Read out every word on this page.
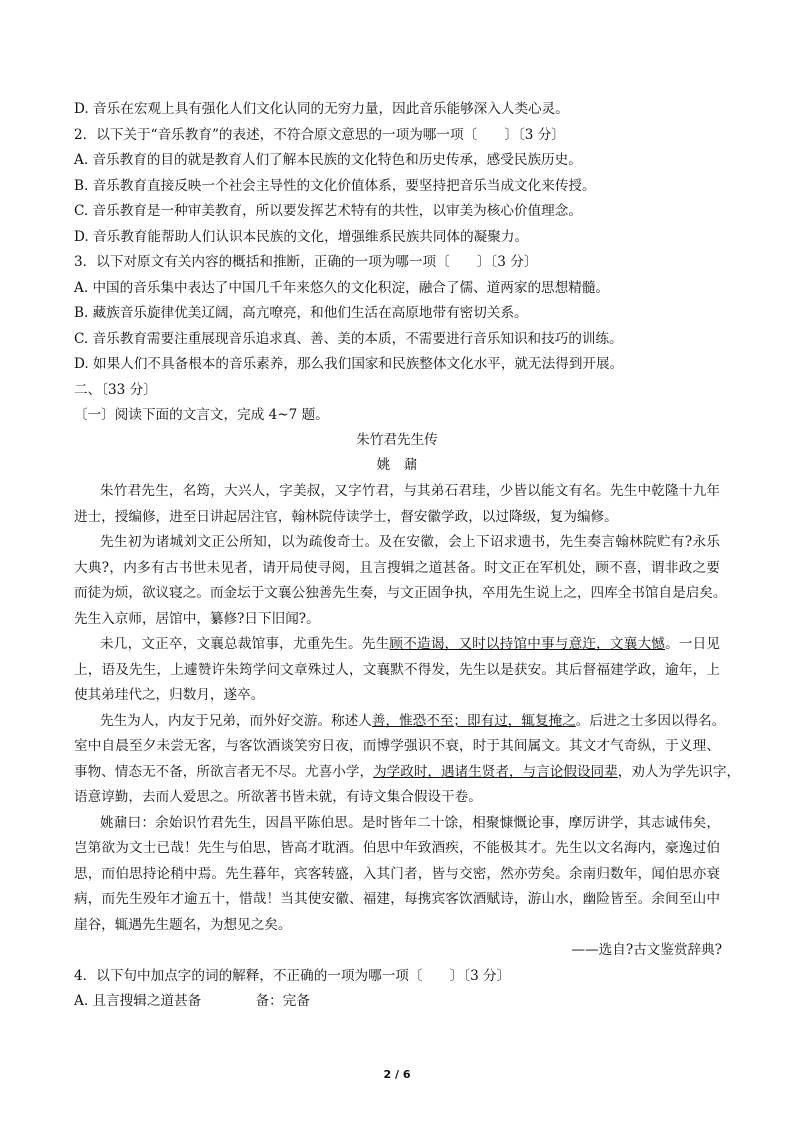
D. 音乐在宏观上具有强化人们文化认同的无穷力量，因此音乐能够深入人类心灵。
2．以下关于“音乐教育”的表述，不符合原文意思的一项为哪一项〔　　〕〔3 分〕
A. 音乐教育的目的就是教育人们了解本民族的文化特色和历史传承，感受民族历史。
B. 音乐教育直接反映一个社会主导性的文化价值体系，要坚持把音乐当成文化来传授。
C. 音乐教育是一种审美教育，所以要发挥艺术特有的共性，以审美为核心价值理念。
D. 音乐教育能帮助人们认识本民族的文化，增强维系民族共同体的凝聚力。
3．以下对原文有关内容的概括和推断，正确的一项为哪一项〔　　〕〔3 分〕
A. 中国的音乐集中表达了中国几千年来悠久的文化积淀，融合了儒、道两家的思想精髓。
B. 藏族音乐旋律优美辽阔，高亢嘹亮，和他们生活在高原地带有密切关系。
C. 音乐教育需要注重展现音乐追求真、善、美的本质，不需要进行音乐知识和技巧的训练。
D. 如果人们不具备根本的音乐素养，那么我们国家和民族整体文化水平，就无法得到开展。
二、〔33 分〕
〔一〕阅读下面的文言文，完成 4~7 题。
朱竹君先生传
姚　鼐
朱竹君先生，名筠，大兴人，字美叔，又字竹君，与其弟石君珪，少皆以能文有名。先生中乾隆十九年
进士，授编修，进至日讲起居注官，翰林院侍读学士，督安徽学政，以过降级，复为编修。
先生初为诸城刘文正公所知，以为疏俊奇士。及在安徽，会上下诏求遗书，先生奏言翰林院贮有?永乐
大典?，内多有古书世未见者，请开局使寻阅，且言搜辑之道甚备。时文正在军机处，顾不喜，谓非政之要
而徒为烦，欲议寝之。而金坛于文襄公独善先生奏，与文正固争执，卒用先生说上之，四库全书馆自是启矣。
先生入京师，居馆中，纂修?日下旧闻?。
未几，文正卒，文襄总裁馆事，尤重先生。先生顾不造谒，又时以持馆中事与意迕，文襄大憾。一日见
上，语及先生，上遽赞许朱筠学问文章殊过人，文襄默不得发，先生以是获安。其后督福建学政，逾年，上
使其弟珪代之，归数月，遂卒。
先生为人，内友于兄弟，而外好交游。称述人善，惟恐不至；即有过，辄复掩之。后进之士多因以得名。
室中自晨至夕未尝无客，与客饮酒谈笑穷日夜，而博学强识不衰，时于其间属文。其文才气奇纵，于义理、
事物、情态无不备，所欲言者无不尽。尤喜小学，为学政时，遇诸生贤者，与言论假设同辈，劝人为学先识字，
语意谆勤，去而人爱思之。所欲著书皆未就，有诗文集合假设干卷。
姚鼐曰：余始识竹君先生，因昌平陈伯思。是时皆年二十馀，相聚慷慨论事，摩厉讲学，其志诚伟矣，
岂第欲为文士已哉！先生与伯思，皆高才耽酒。伯思中年致酒疾，不能极其才。先生以文名海内，豪逸过伯
思，而伯思持论稍中焉。先生暮年，宾客转盛，入其门者，皆与交密，然亦劳矣。余南归数年，闻伯思亦衰
病，而先生殁年才逾五十，惜哉！当其使安徽、福建，每携宾客饮酒赋诗，游山水，幽险皆至。余间至山中
崖谷，辄遇先生题名，为想见之矣。
——选自?古文鉴赏辞典?
4．以下句中加点字的词的解释，不正确的一项为哪一项〔　　〕〔3 分〕
A. 且言搜辑之道甚备　　　　备：完备
2 / 6
